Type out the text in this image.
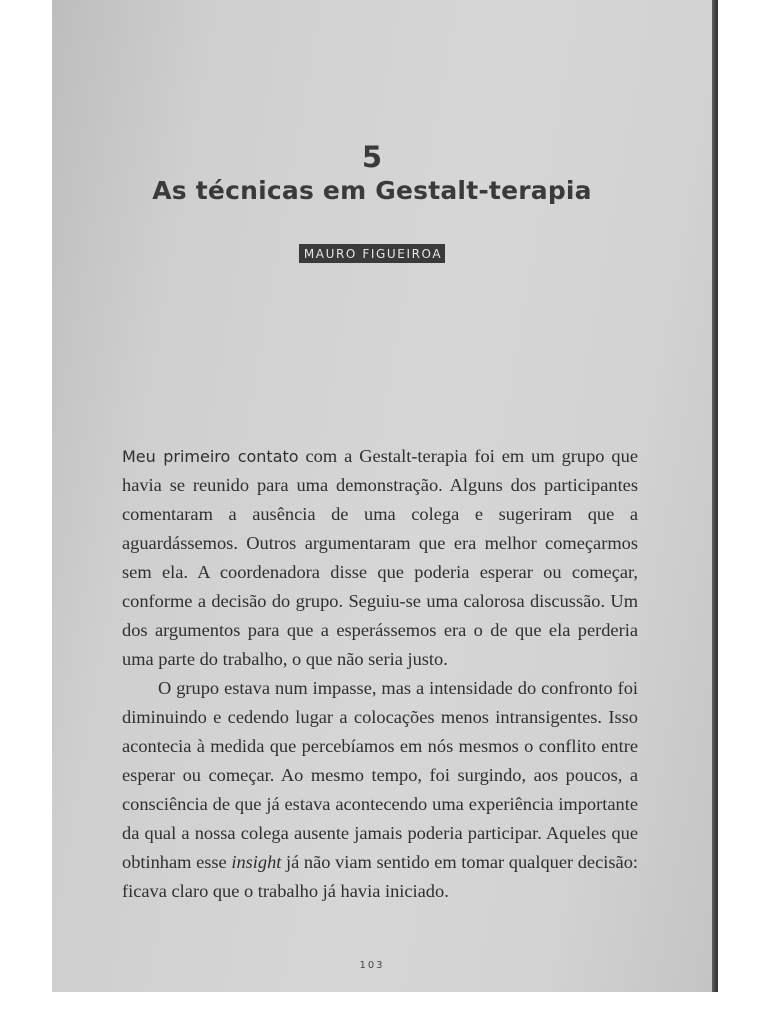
5
As técnicas em Gestalt-terapia
MAURO FIGUEIROA

Meu primeiro contato com a Gestalt-terapia foi em um grupo que havia se reunido para uma demonstração. Alguns dos participantes comentaram a ausência de uma colega e sugeriram que a aguardássemos. Outros argumentaram que era melhor começarmos sem ela. A coordenadora disse que poderia esperar ou começar, conforme a decisão do grupo. Seguiu-se uma calorosa discussão. Um dos argumentos para que a esperássemos era o de que ela perderia uma parte do trabalho, o que não seria justo.

O grupo estava num impasse, mas a intensidade do confronto foi diminuindo e cedendo lugar a colocações menos intransigentes. Isso acontecia à medida que percebíamos em nós mesmos o conflito entre esperar ou começar. Ao mesmo tempo, foi surgindo, aos poucos, a consciência de que já estava acontecendo uma experiência importante da qual a nossa colega ausente jamais poderia participar. Aqueles que obtinham esse insight já não viam sentido em tomar qualquer decisão: ficava claro que o trabalho já havia iniciado.

103
